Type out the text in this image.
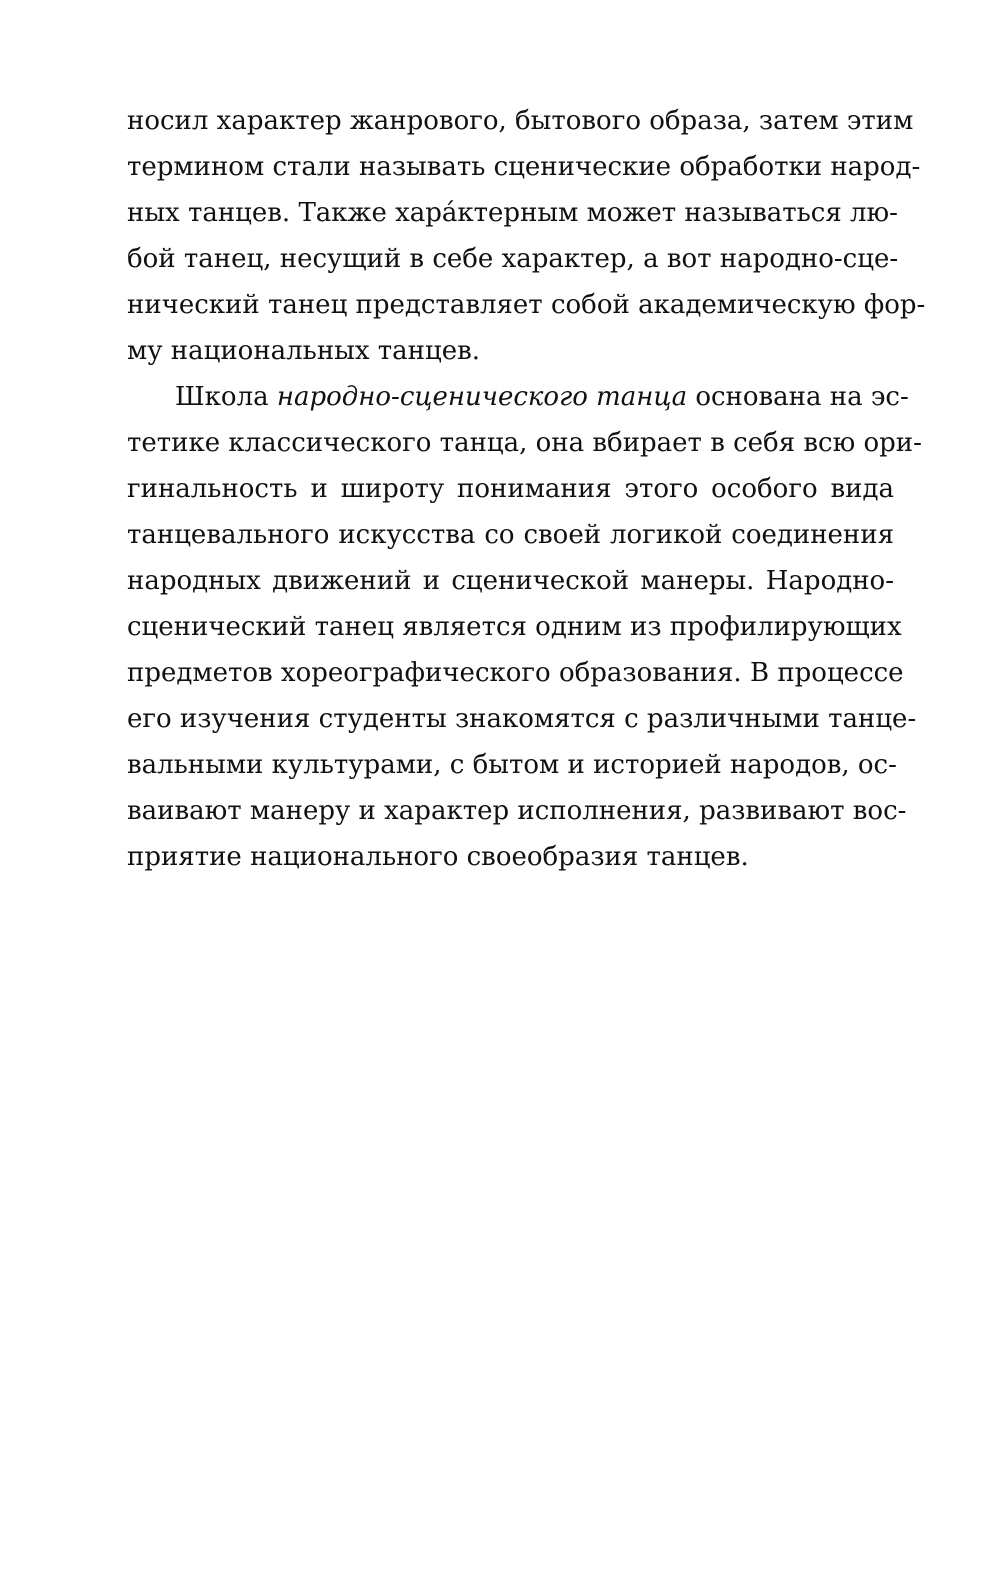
носил характер жанрового, бытового образа, затем этим
термином стали называть сценические обработки народ-
ных танцев. Также хара́ктерным может называться лю-
бой танец, несущий в себе характер, а вот народно-сце-
нический танец представляет собой академическую фор-
му национальных танцев.
Школа народно-сценического танца основана на эс-
тетике классического танца, она вбирает в себя всю ори-
гинальность и широту понимания этого особого вида
танцевального искусства со своей логикой соединения
народных движений и сценической манеры. Народно-
сценический танец является одним из профилирующих
предметов хореографического образования. В процессе
его изучения студенты знакомятся с различными танце-
вальными культурами, с бытом и историей народов, ос-
ваивают манеру и характер исполнения, развивают вос-
приятие национального своеобразия танцев.
